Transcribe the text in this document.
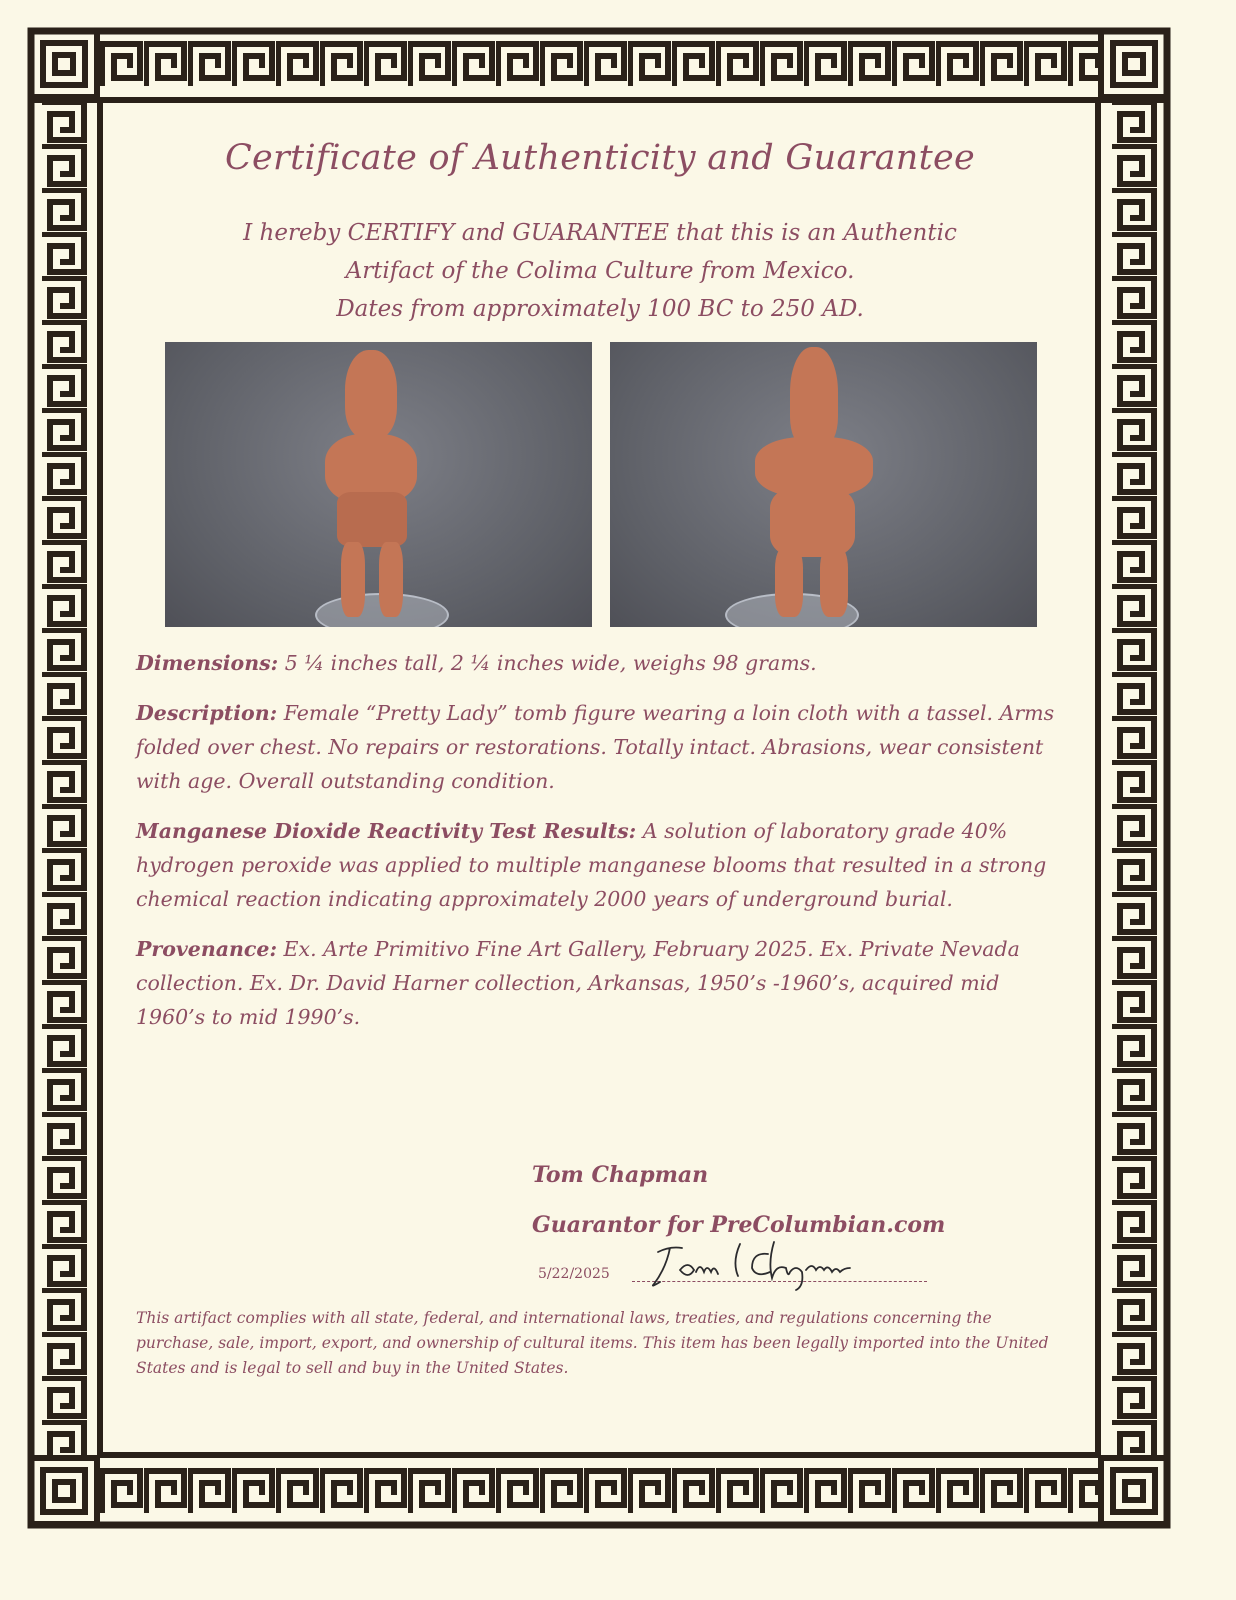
Certificate of Authenticity and Guarantee
I hereby CERTIFY and GUARANTEE that this is an Authentic
Artifact of the Colima Culture from Mexico.
Dates from approximately 100 BC to 250 AD.

Dimensions: 5 ¼ inches tall, 2 ¼ inches wide, weighs 98 grams.

Description: Female “Pretty Lady” tomb figure wearing a loin cloth with a tassel. Arms folded over chest. No repairs or restorations. Totally intact. Abrasions, wear consistent with age. Overall outstanding condition.

Manganese Dioxide Reactivity Test Results: A solution of laboratory grade 40% hydrogen peroxide was applied to multiple manganese blooms that resulted in a strong chemical reaction indicating approximately 2000 years of underground burial.

Provenance: Ex. Arte Primitivo Fine Art Gallery, February 2025. Ex. Private Nevada collection. Ex. Dr. David Harner collection, Arkansas, 1950’s -1960’s, acquired mid 1960’s to mid 1990’s.

Tom Chapman
Guarantor for PreColumbian.com
5/22/2025
This artifact complies with all state, federal, and international laws, treaties, and regulations concerning the purchase, sale, import, export, and ownership of cultural items. This item has been legally imported into the United States and is legal to sell and buy in the United States.
